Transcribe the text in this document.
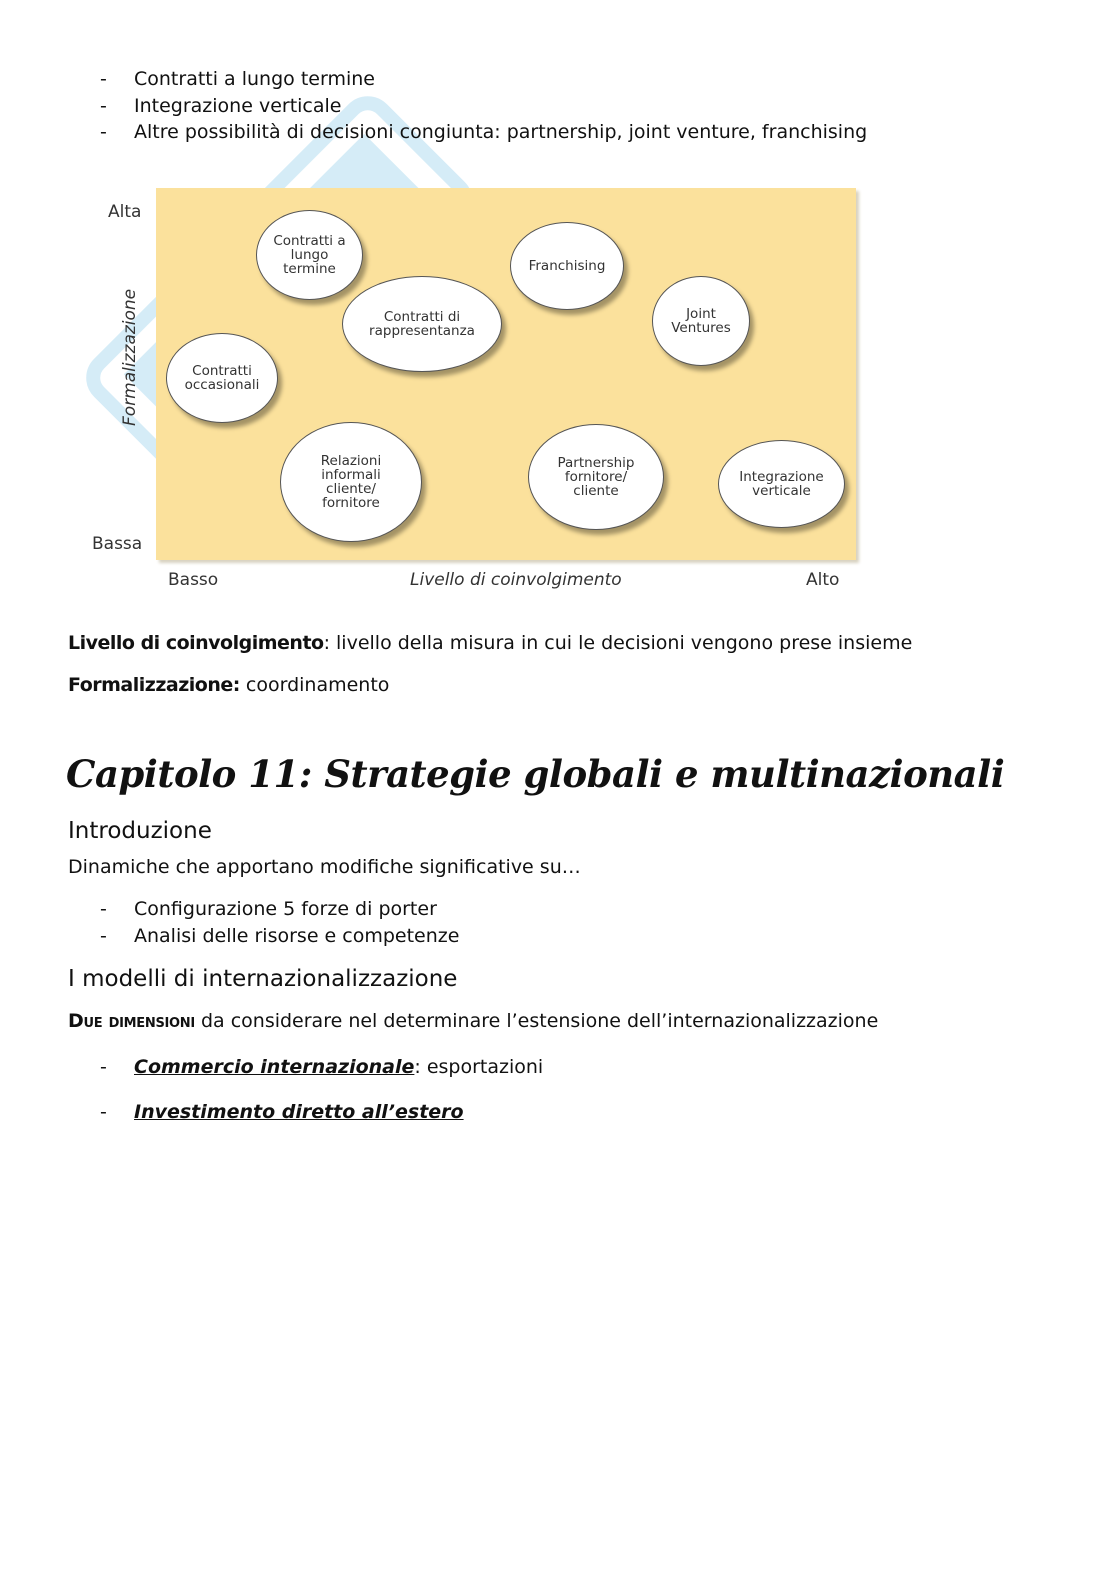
-	Contratti a lungo termine
-	Integrazione verticale
-	Altre possibilità di decisioni congiunta: partnership, joint venture, franchising
Alta
Bassa
Formalizzazione
Basso	Livello di coinvolgimento	Alto
Contratti a
lungo
termine	Franchising
Contratti di
rappresentanza
Joint
Ventures
Contratti
occasionali
Relazioni
informali
cliente/
fornitore
Partnership
fornitore/
cliente
Integrazione
verticale
Livello di coinvolgimento: livello della misura in cui le decisioni vengono prese insieme
Formalizzazione: coordinamento
Capitolo 11: Strategie globali e multinazionali
Introduzione
Dinamiche che apportano modifiche significative su…
-	Configurazione 5 forze di porter
-	Analisi delle risorse e competenze
I modelli di internazionalizzazione
Due dimensioni da considerare nel determinare l’estensione dell’internazionalizzazione
-	Commercio internazionale : esportazioni
-	Investimento diretto all’estero
